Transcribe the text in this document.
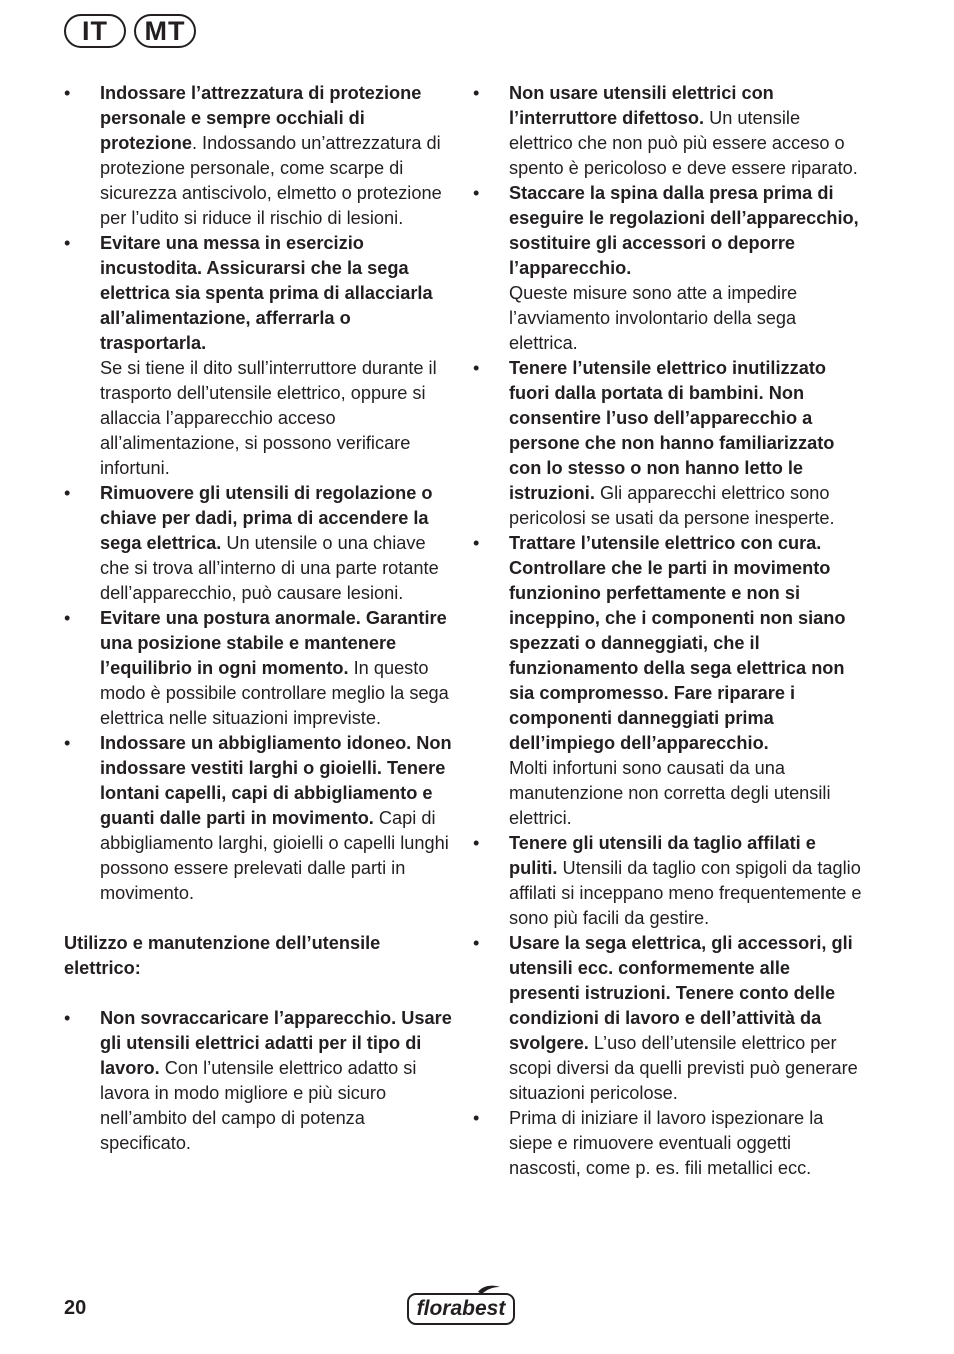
IT	MT
•	Indossare l’attrezzatura di protezione personale e sempre occhiali di protezione. Indossando un’attrezzatura di protezione personale, come scarpe di sicurezza antiscivolo, elmetto o protezione per l’udito si riduce il rischio di lesioni.
•	Evitare una messa in esercizio incustodita. Assicurarsi che la sega elettrica sia spenta prima di allacciarla all’alimentazione, afferrarla o trasportarla.
Se si tiene il dito sull’interruttore durante il trasporto dell’utensile elettrico, oppure si allaccia l’apparecchio acceso all’alimentazione, si possono verificare infortuni.
•	Rimuovere gli utensili di regolazione o chiave per dadi, prima di accendere la sega elettrica. Un utensile o una chiave che si trova all’interno di una parte rotante dell’apparecchio, può causare lesioni.
•	Evitare una postura anormale. Garantire una posizione stabile e mantenere l’equilibrio in ogni momento. In questo modo è possibile controllare meglio la sega elettrica nelle situazioni impreviste.
•	Indossare un abbigliamento idoneo. Non indossare vestiti larghi o gioielli. Tenere lontani capelli, capi di abbigliamento e guanti dalle parti in movimento. Capi di abbigliamento larghi, gioielli o capelli lunghi possono essere prelevati dalle parti in movimento.
Utilizzo e manutenzione dell’utensile elettrico:
•	Non sovraccaricare l’apparecchio. Usare gli utensili elettrici adatti per il tipo di lavoro. Con l’utensile elettrico adatto si lavora in modo migliore e più sicuro nell’ambito del campo di potenza specificato.
•	Non usare utensili elettrici con l’interruttore difettoso. Un utensile elettrico che non può più essere acceso o spento è pericoloso e deve essere riparato.
•	Staccare la spina dalla presa prima di eseguire le regolazioni dell’apparecchio, sostituire gli accessori o deporre l’apparecchio.
Queste misure sono atte a impedire l’avviamento involontario della sega elettrica.
•	Tenere l’utensile elettrico inutilizzato fuori dalla portata di bambini. Non consentire l’uso dell’apparecchio a persone che non hanno familiarizzato con lo stesso o non hanno letto le istruzioni. Gli apparecchi elettrico sono pericolosi se usati da persone inesperte.
•	Trattare l’utensile elettrico con cura. Controllare che le parti in movimento funzionino perfettamente e non si inceppino, che i componenti non siano spezzati o danneggiati, che il funzionamento della sega elettrica non sia compromesso. Fare riparare i componenti danneggiati prima dell’impiego dell’apparecchio.
Molti infortuni sono causati da una manutenzione non corretta degli utensili elettrici.
•	Tenere gli utensili da taglio affilati e puliti. Utensili da taglio con spigoli da taglio affilati si inceppano meno frequentemente e sono più facili da gestire.
•	Usare la sega elettrica, gli accessori, gli utensili ecc. conformemente alle presenti istruzioni. Tenere conto delle condizioni di lavoro e dell’attività da svolgere. L’uso dell’utensile elettrico per scopi diversi da quelli previsti può generare situazioni pericolose.
•	Prima di iniziare il lavoro ispezionare la siepe e rimuovere eventuali oggetti nascosti, come p. es. fili metallici ecc.
20	florabest
